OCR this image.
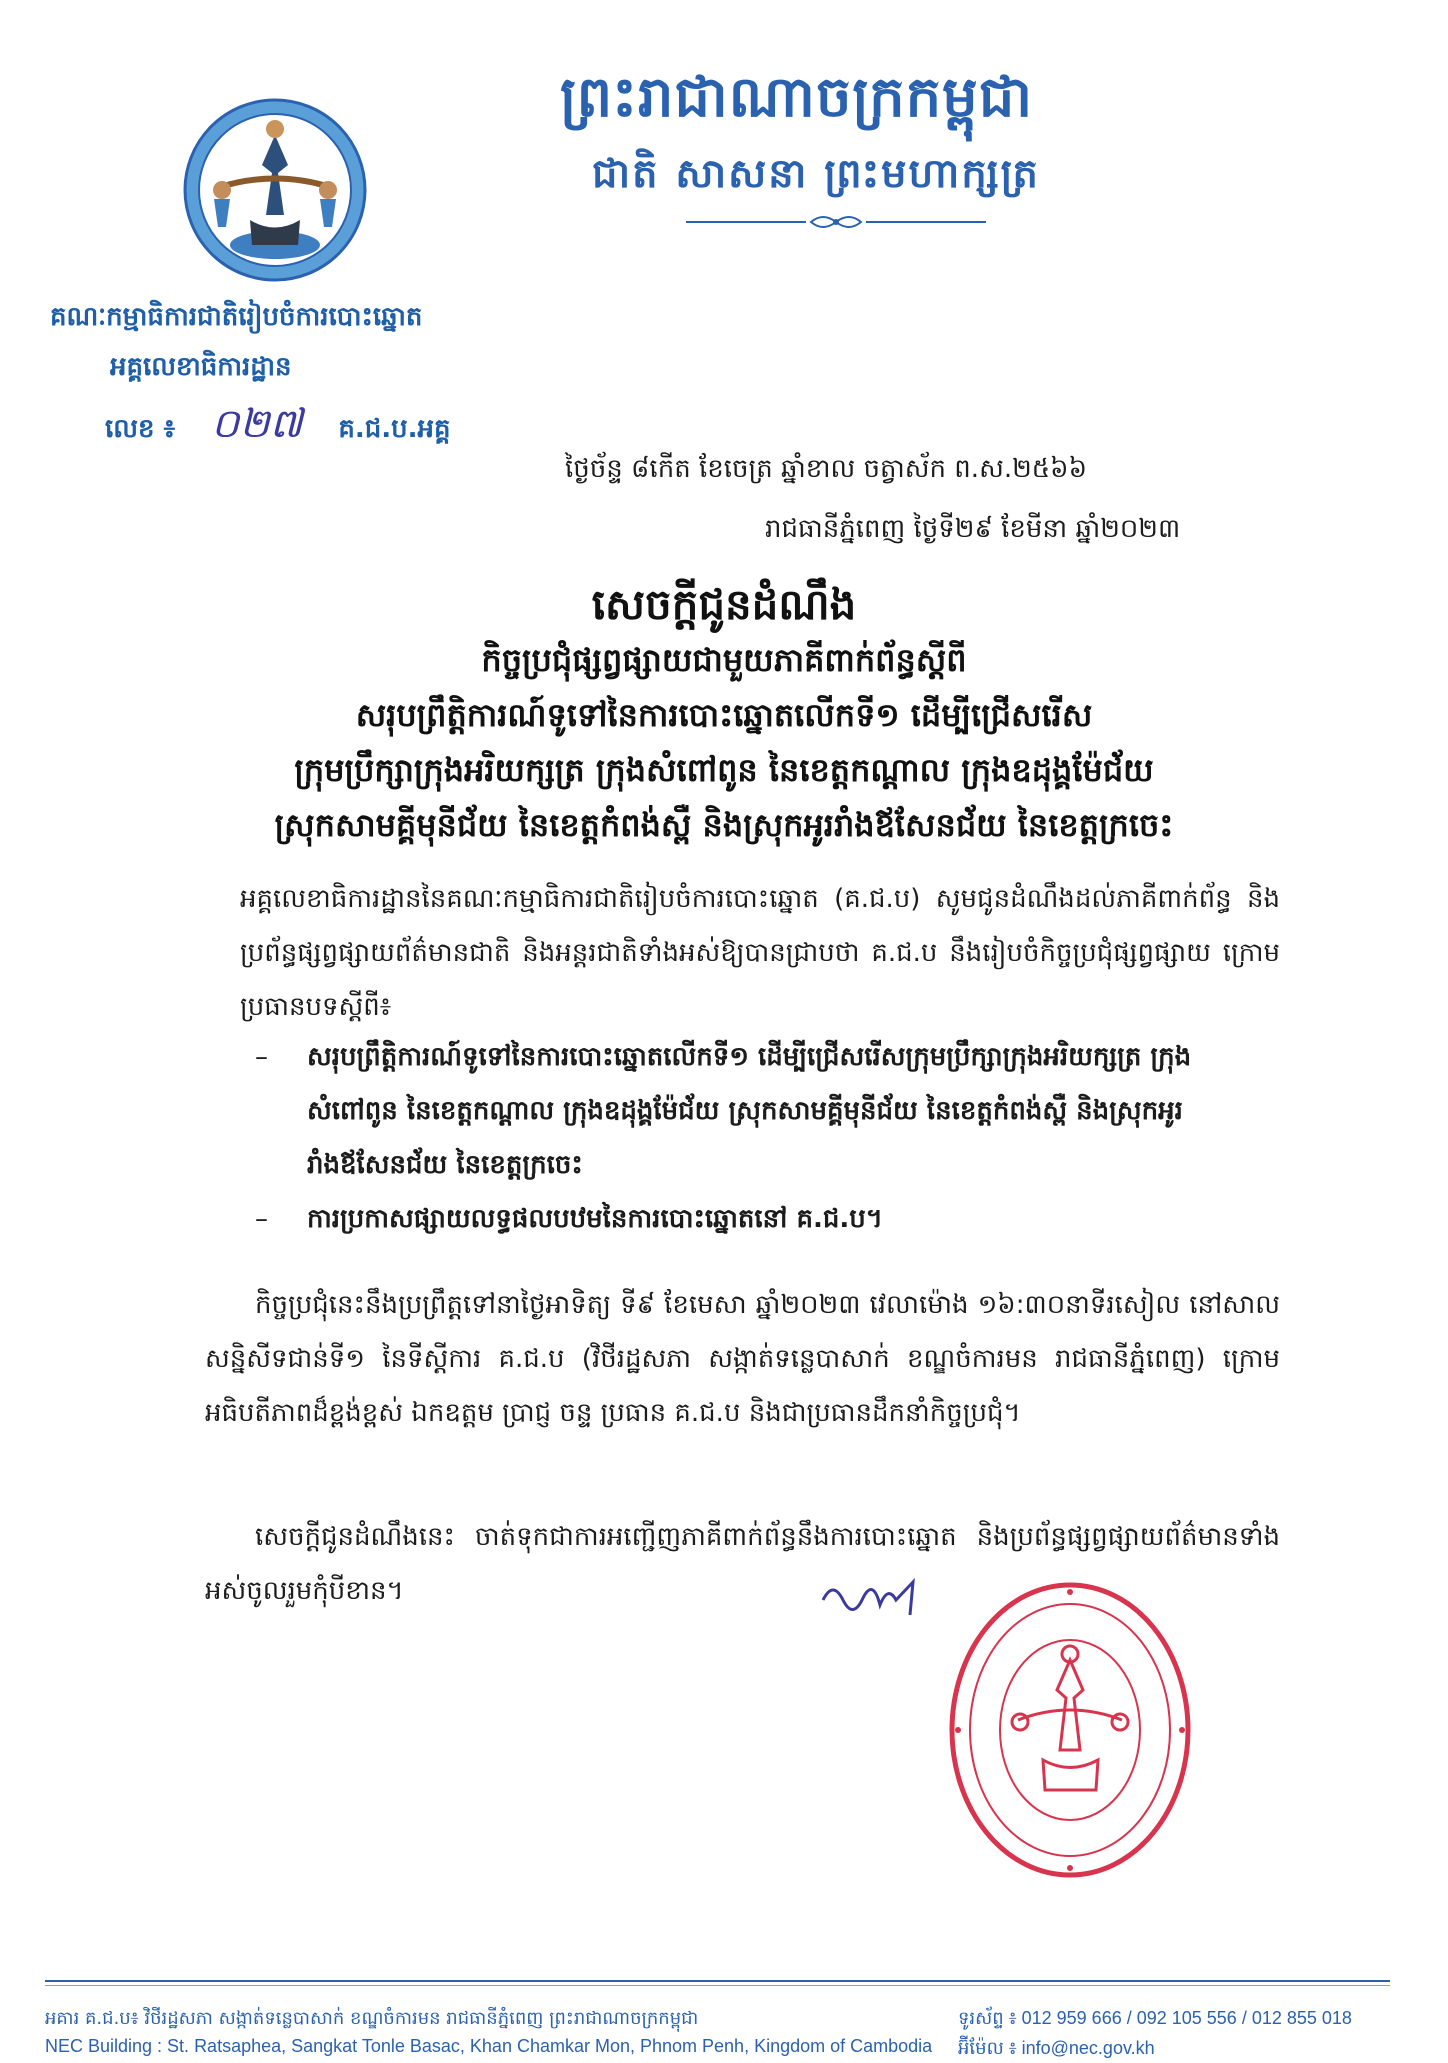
ព្រះរាជាណាចក្រកម្ពុជា
ជាតិ សាសនា ព្រះមហាក្សត្រ
គណៈកម្មាធិការជាតិរៀបចំការបោះឆ្នោត
អគ្គលេខាធិការដ្ឋាន
លេខ ៖ ០២៧ គ.ជ.ប.អគ្គ
ថ្ងៃច័ន្ទ ៨កើត ខែចេត្រ ឆ្នាំខាល ចត្វាស័ក ព.ស.២៥៦៦
រាជធានីភ្នំពេញ ថ្ងៃទី២៩ ខែមីនា ឆ្នាំ២០២៣
សេចក្តីជូនដំណឹង
កិច្ចប្រជុំផ្សព្វផ្សាយជាមួយភាគីពាក់ព័ន្ធស្តីពី
សរុបព្រឹត្តិការណ៍ទូទៅនៃការបោះឆ្នោតលើកទី១ ដើម្បីជ្រើសរើស
ក្រុមប្រឹក្សាក្រុងអរិយក្សត្រ ក្រុងសំពៅពូន នៃខេត្តកណ្ដាល ក្រុងឧដុង្គម៉ែជ័យ
ស្រុកសាមគ្គីមុនីជ័យ នៃខេត្តកំពង់ស្ពឺ និងស្រុកអូររាំងឪសែនជ័យ នៃខេត្តក្រចេះ
អគ្គលេខាធិការដ្ឋាននៃគណៈកម្មាធិការជាតិរៀបចំការបោះឆ្នោត (គ.ជ.ប) សូមជូនដំណឹងដល់ភាគីពាក់ព័ន្ធ និងប្រព័ន្ធផ្សព្វផ្សាយព័ត៌មានជាតិ និងអន្តរជាតិទាំងអស់ឱ្យបានជ្រាបថា គ.ជ.ប នឹងរៀបចំកិច្ចប្រជុំផ្សព្វផ្សាយ ក្រោមប្រធានបទស្តីពី៖
–	សរុបព្រឹត្តិការណ៍ទូទៅនៃការបោះឆ្នោតលើកទី១ ដើម្បីជ្រើសរើសក្រុមប្រឹក្សាក្រុងអរិយក្សត្រ ក្រុងសំពៅពូន នៃខេត្តកណ្តាល ក្រុងឧដុង្គម៉ែជ័យ ស្រុកសាមគ្គីមុនីជ័យ នៃខេត្តកំពង់ស្ពឺ និងស្រុកអូររាំងឪសែនជ័យ នៃខេត្តក្រចេះ
–	ការប្រកាសផ្សាយលទ្ធផលបឋមនៃការបោះឆ្នោតនៅ គ.ជ.ប។
កិច្ចប្រជុំនេះនឹងប្រព្រឹត្តទៅនាថ្ងៃអាទិត្យ ទី៩ ខែមេសា ឆ្នាំ២០២៣ វេលាម៉ោង ១៦:៣០នាទីរសៀល នៅសាលសន្និសីទជាន់ទី១ នៃទីស្តីការ គ.ជ.ប (វិថីរដ្ឋសភា សង្កាត់ទន្លេបាសាក់ ខណ្ឌចំការមន រាជធានីភ្នំពេញ) ក្រោមអធិបតីភាពដ៏ខ្ពង់ខ្ពស់ ឯកឧត្តម ប្រាជ្ញ ចន្ទ ប្រធាន គ.ជ.ប និងជាប្រធានដឹកនាំកិច្ចប្រជុំ។
សេចក្តីជូនដំណឹងនេះ ចាត់ទុកជាការអញ្ជើញភាគីពាក់ព័ន្ធនឹងការបោះឆ្នោត និងប្រព័ន្ធផ្សព្វផ្សាយព័ត៌មានទាំងអស់ចូលរួមកុំបីខាន។
អគារ គ.ជ.ប៖ វិថីរដ្ឋសភា សង្កាត់ទន្លេបាសាក់ ខណ្ឌចំការមន រាជធានីភ្នំពេញ ព្រះរាជាណាចក្រកម្ពុជា
NEC Building : St. Ratsaphea, Sangkat Tonle Basac, Khan Chamkar Mon, Phnom Penh, Kingdom of Cambodia
ទូរស័ព្ទ ៖ 012 959 666 / 092 105 556 / 012 855 018
អ៊ីម៉ែល ៖ info@nec.gov.kh
